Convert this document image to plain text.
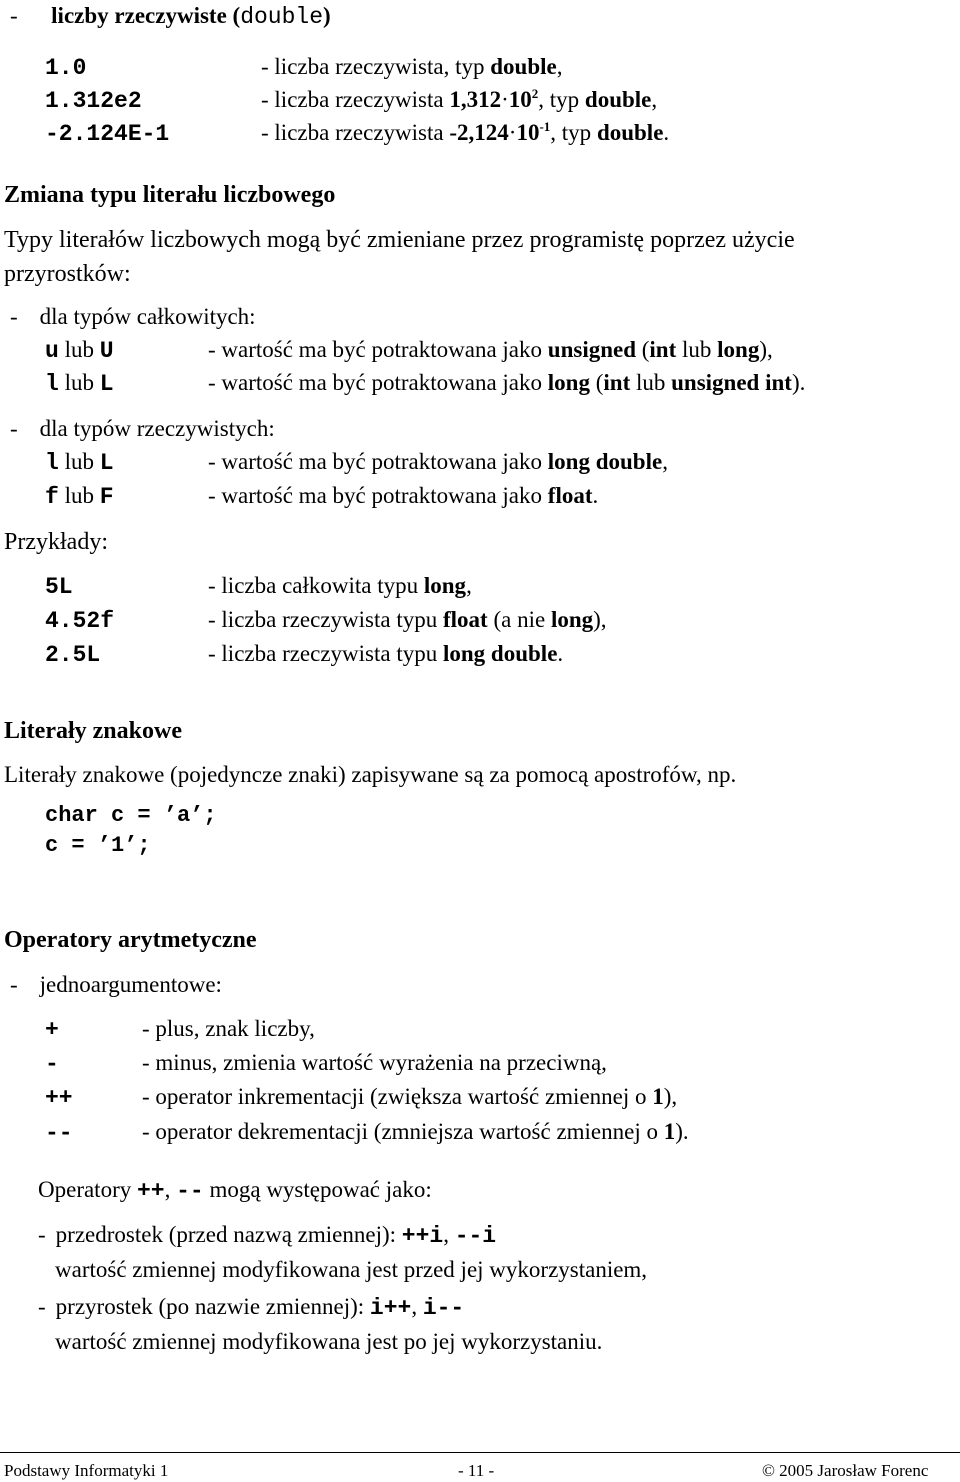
- liczby rzeczywiste (double)
1.0	- liczba rzeczywista, typ double,
1.312e2	- liczba rzeczywista $1,312\cdot 10^2$, typ double,
-2.124E-1	- liczba rzeczywista $-2,124\cdot 10^{-1}$, typ double.
Zmiana typu literału liczbowego
Typy literałów liczbowych mogą być zmieniane przez programistę poprzez użycie
przyrostków:
- dla typów całkowitych:
u lub U	- wartość ma być potraktowana jako unsigned (int lub long),
l lub L	- wartość ma być potraktowana jako long (int lub unsigned int).
- dla typów rzeczywistych:
l lub L	- wartość ma być potraktowana jako long double,
f lub F	- wartość ma być potraktowana jako float.
Przykłady:
5L	- liczba całkowita typu long,
4.52f	- liczba rzeczywista typu float (a nie long),
2.5L	- liczba rzeczywista typu long double.
Literały znakowe
Literały znakowe (pojedyncze znaki) zapisywane są za pomocą apostrofów, np.
char c = ’a’;
c = ’1’;
Operatory arytmetyczne
- jednoargumentowe:
+	- plus, znak liczby,
-	- minus, zmienia wartość wyrażenia na przeciwną,
++	- operator inkrementacji (zwiększa wartość zmiennej o 1),
--	- operator dekrementacji (zmniejsza wartość zmiennej o 1).
Operatory ++, -- mogą występować jako:
- przedrostek (przed nazwą zmiennej): ++i, --i
wartość zmiennej modyfikowana jest przed jej wykorzystaniem,
- przyrostek (po nazwie zmiennej): i++, i--
wartość zmiennej modyfikowana jest po jej wykorzystaniu.
Podstawy Informatyki 1	- 11 -	© 2005 Jarosław Forenc
